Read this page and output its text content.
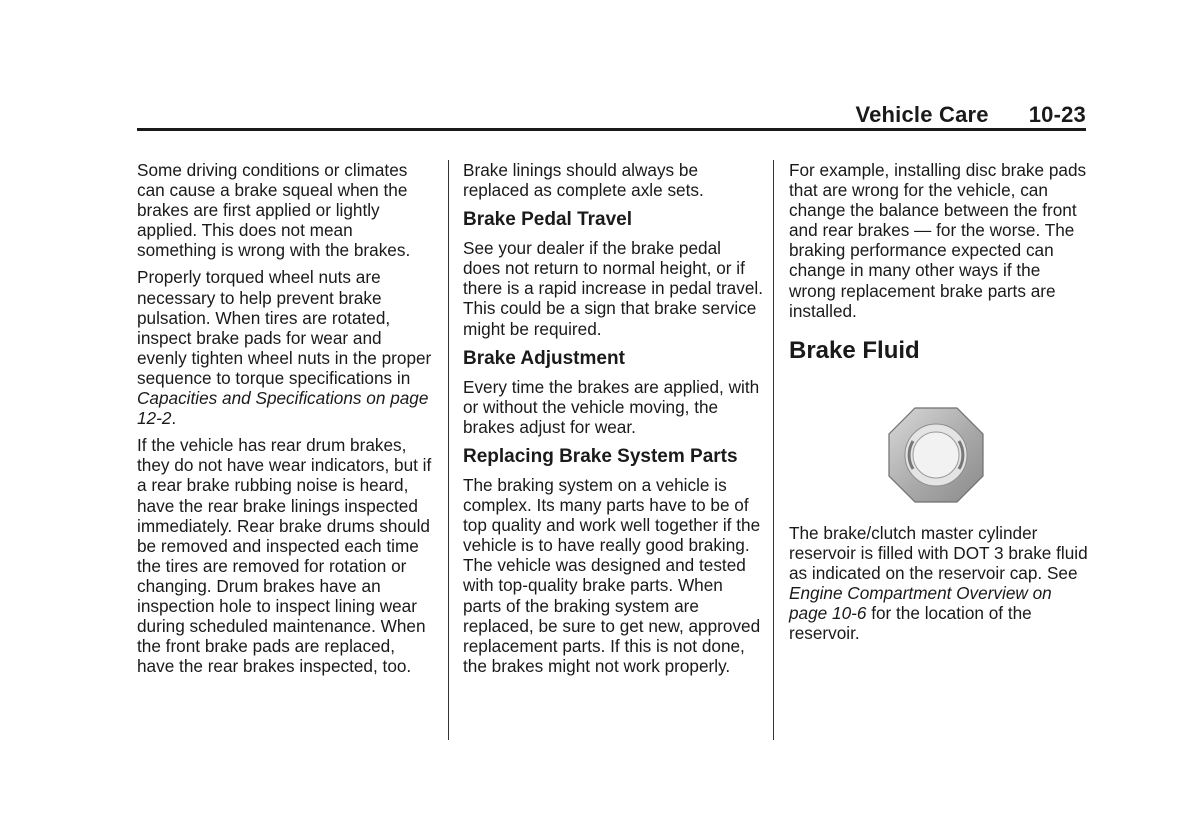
Vehicle Care 10-23

Some driving conditions or climates can cause a brake squeal when the brakes are first applied or lightly applied. This does not mean something is wrong with the brakes.

Properly torqued wheel nuts are necessary to help prevent brake pulsation. When tires are rotated, inspect brake pads for wear and evenly tighten wheel nuts in the proper sequence to torque specifications in Capacities and Specifications on page 12-2.

If the vehicle has rear drum brakes, they do not have wear indicators, but if a rear brake rubbing noise is heard, have the rear brake linings inspected immediately. Rear brake drums should be removed and inspected each time the tires are removed for rotation or changing. Drum brakes have an inspection hole to inspect lining wear during scheduled maintenance. When the front brake pads are replaced, have the rear brakes inspected, too.

Brake linings should always be replaced as complete axle sets.

Brake Pedal Travel

See your dealer if the brake pedal does not return to normal height, or if there is a rapid increase in pedal travel. This could be a sign that brake service might be required.

Brake Adjustment

Every time the brakes are applied, with or without the vehicle moving, the brakes adjust for wear.

Replacing Brake System Parts

The braking system on a vehicle is complex. Its many parts have to be of top quality and work well together if the vehicle is to have really good braking. The vehicle was designed and tested with top-quality brake parts. When parts of the braking system are replaced, be sure to get new, approved replacement parts. If this is not done, the brakes might not work properly.

For example, installing disc brake pads that are wrong for the vehicle, can change the balance between the front and rear brakes — for the worse. The braking performance expected can change in many other ways if the wrong replacement brake parts are installed.

Brake Fluid

The brake/clutch master cylinder reservoir is filled with DOT 3 brake fluid as indicated on the reservoir cap. See Engine Compartment Overview on page 10-6 for the location of the reservoir.
